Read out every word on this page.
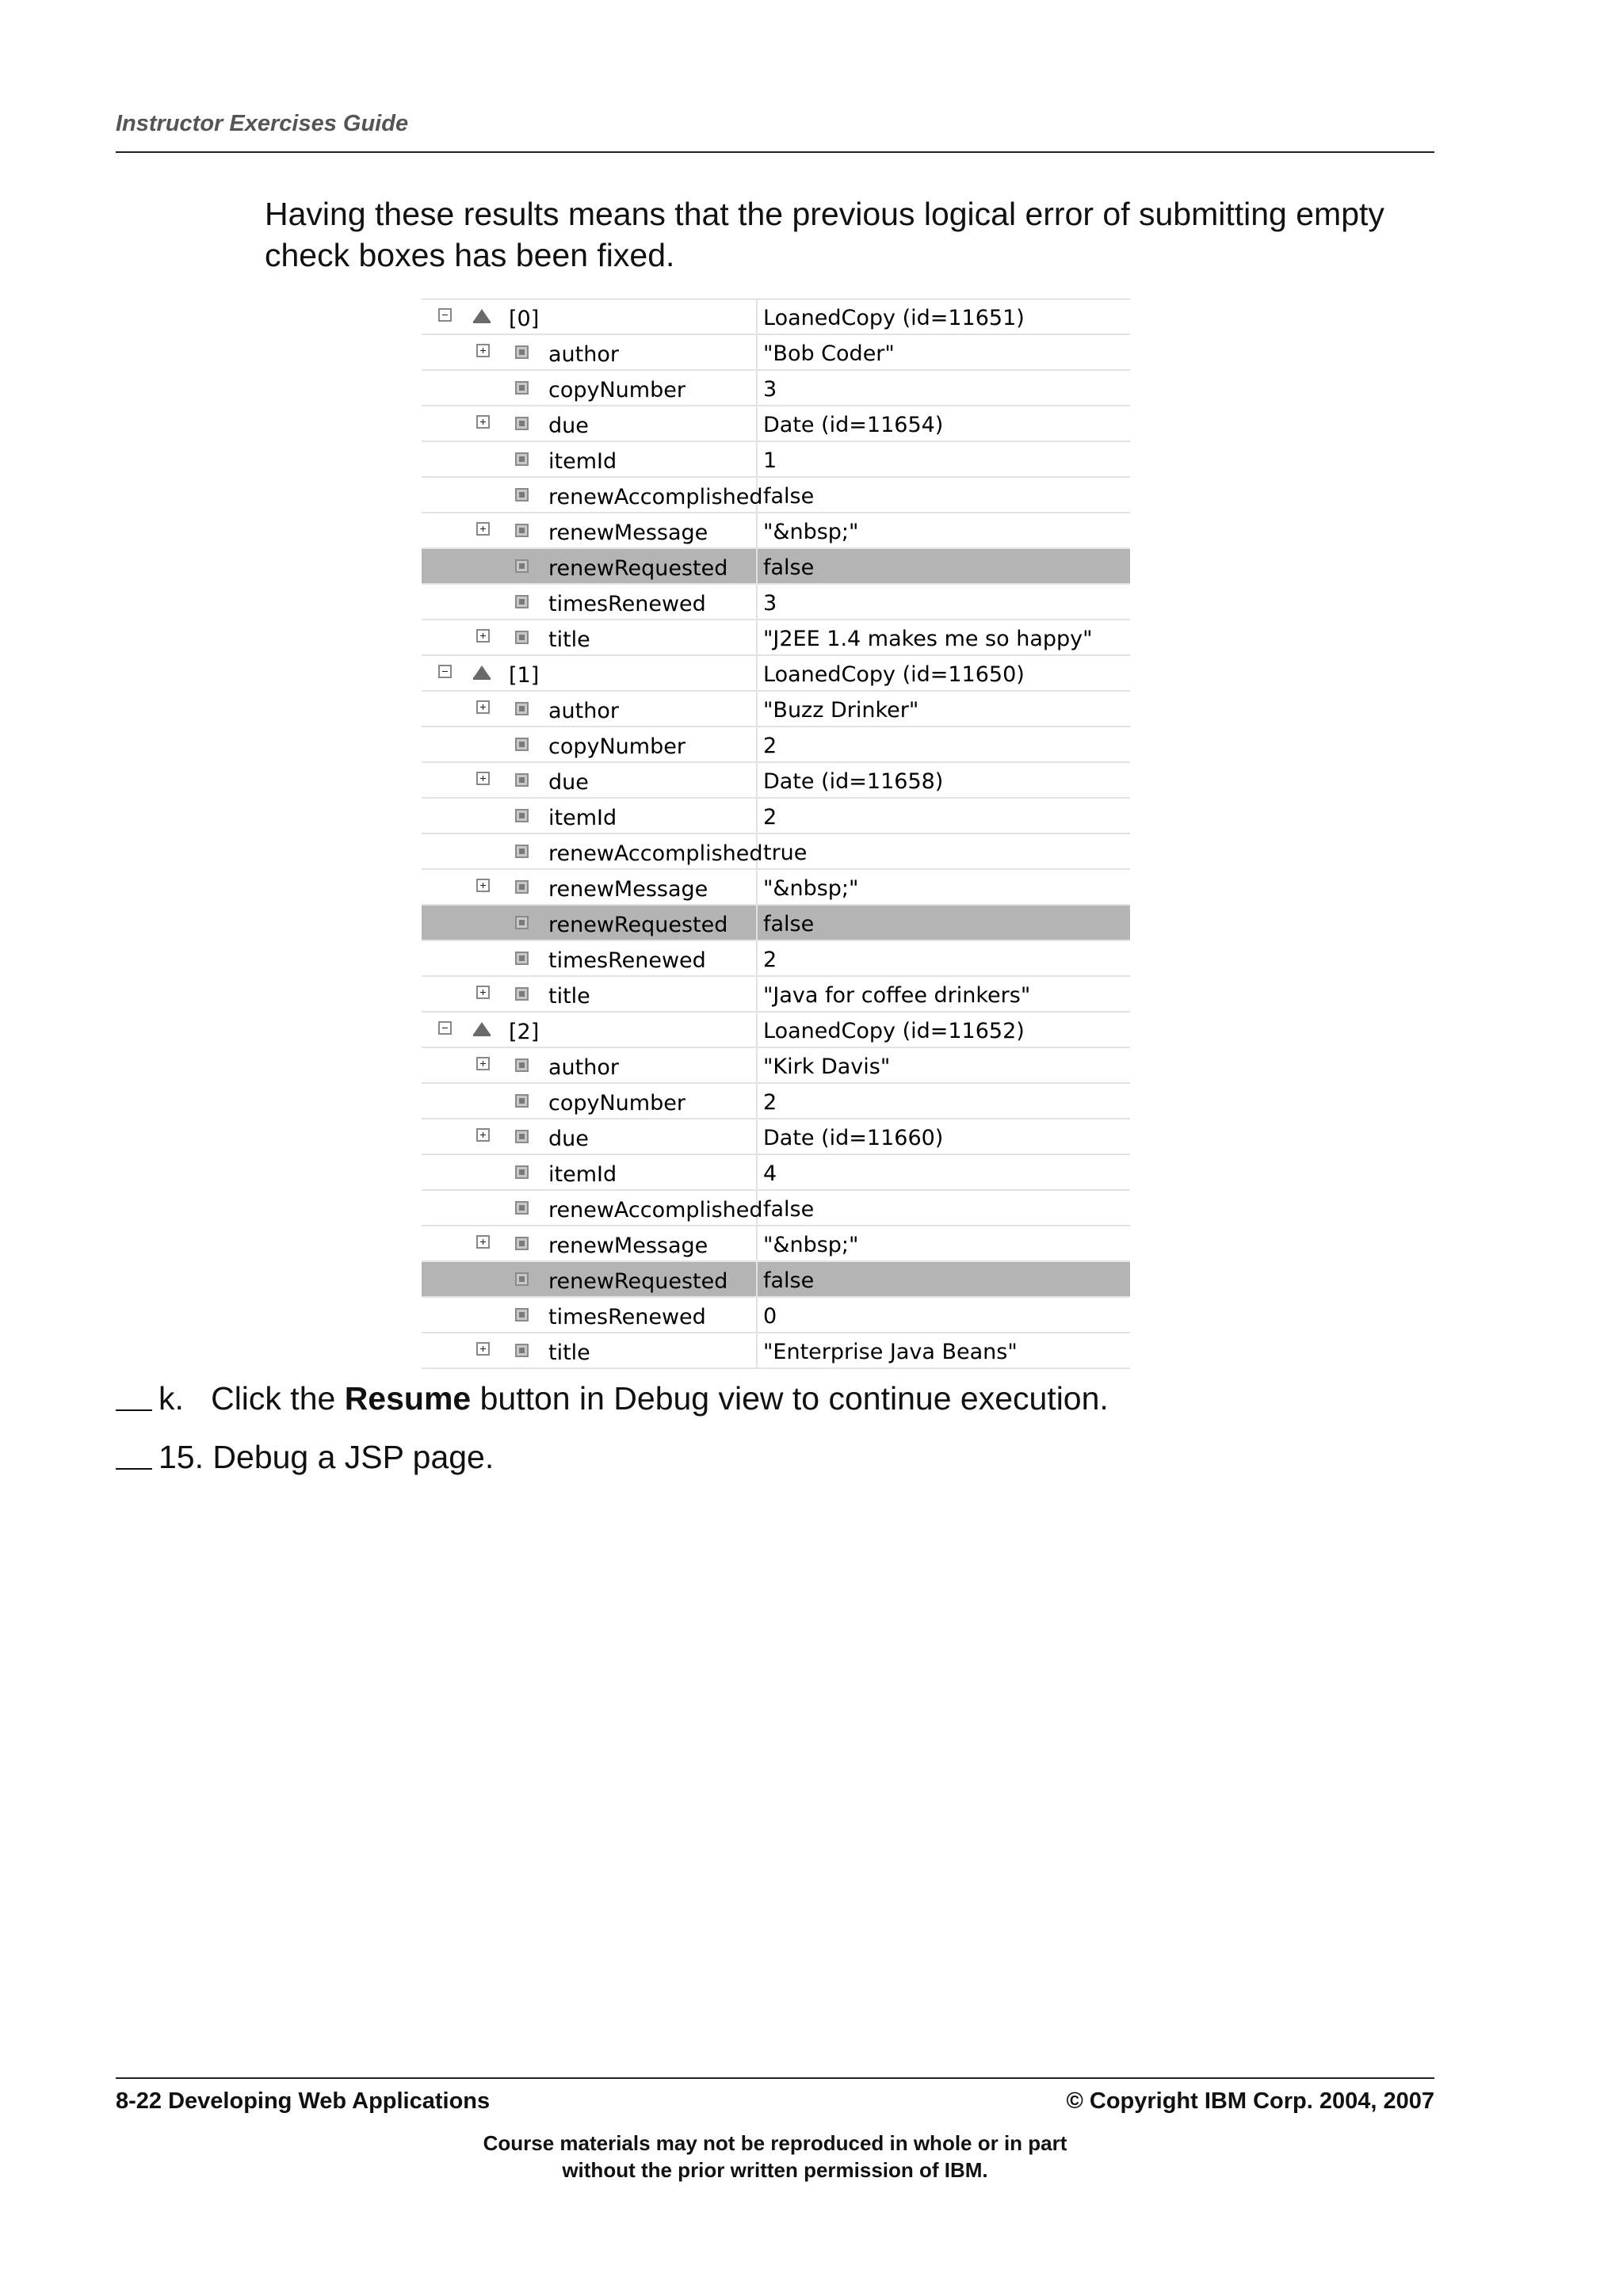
Instructor Exercises Guide
Having these results means that the previous logical error of submitting empty check boxes has been fixed.
[0]	LoanedCopy (id=11651)
author	"Bob Coder"
copyNumber	3
due	Date (id=11654)
itemId	1
renewAccomplished false
renewMessage	"&nbsp;"
renewRequested false
timesRenewed	3
title	"J2EE 1.4 makes me so happy"
[1]	LoanedCopy (id=11650)
author	"Buzz Drinker"
copyNumber	2
due	Date (id=11658)
itemId	2
renewAccomplished true
renewMessage	"&nbsp;"
renewRequested false
timesRenewed	2
title	"Java for coffee drinkers"
[2]	LoanedCopy (id=11652)
author	"Kirk Davis"
copyNumber	2
due	Date (id=11660)
itemId	4
renewAccomplished false
renewMessage	"&nbsp;"
renewRequested false
timesRenewed	0
title	"Enterprise Java Beans"
k. Click the Resume button in Debug view to continue execution.
15. Debug a JSP page.
8-22 Developing Web Applications	© Copyright IBM Corp. 2004, 2007
Course materials may not be reproduced in whole or in part
without the prior written permission of IBM.
